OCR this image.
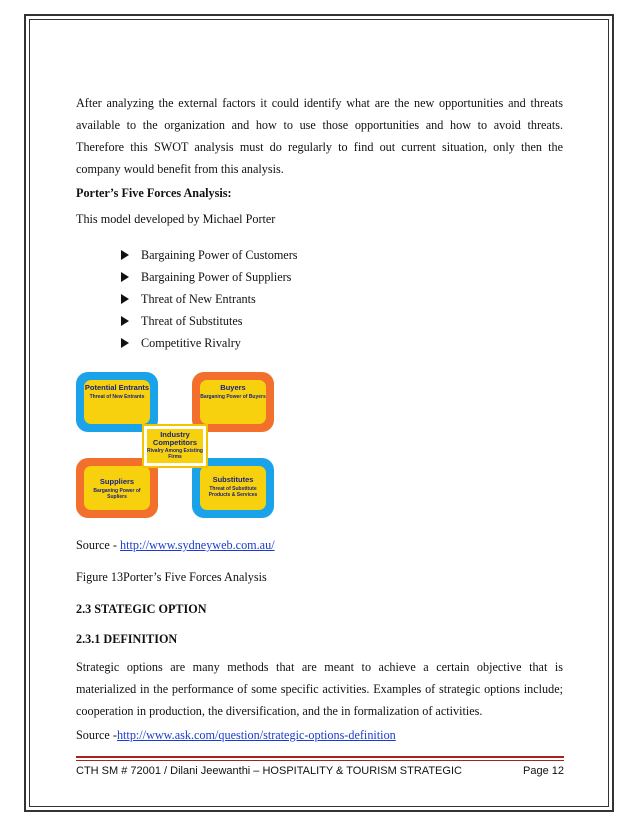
After analyzing the external factors it could identify what are the new opportunities and threats available to the organization and how to use those opportunities and how to avoid threats. Therefore this SWOT analysis must do regularly to find out current situation, only then the company would benefit from this analysis.

Porter’s Five Forces Analysis:

This model developed by Michael Porter

Bargaining Power of Customers
Bargaining Power of Suppliers
Threat of New Entrants
Threat of Substitutes
Competitive Rivalry
Potential Entrants
Threat of New Entrants
Buyers
Barganing Power of Buyers
Suppliers
Barganing Power of Supliers
Substitutes
Threat of Substitute Products & Services
Industry Competitors
Rivalry Among Existing Firms

Source - http://www.sydneyweb.com.au/

Figure 13Porter’s Five Forces Analysis

2.3 STATEGIC OPTION

2.3.1 DEFINITION

Strategic options are many methods that are meant to achieve a certain objective that is materialized in the performance of some specific activities. Examples of strategic options include; cooperation in production, the diversification, and the in formalization of activities.

Source -http://www.ask.com/question/strategic-options-definition

CTH SM # 72001 / Dilani Jeewanthi – HOSPITALITY & TOURISM STRATEGIC	Page 12
